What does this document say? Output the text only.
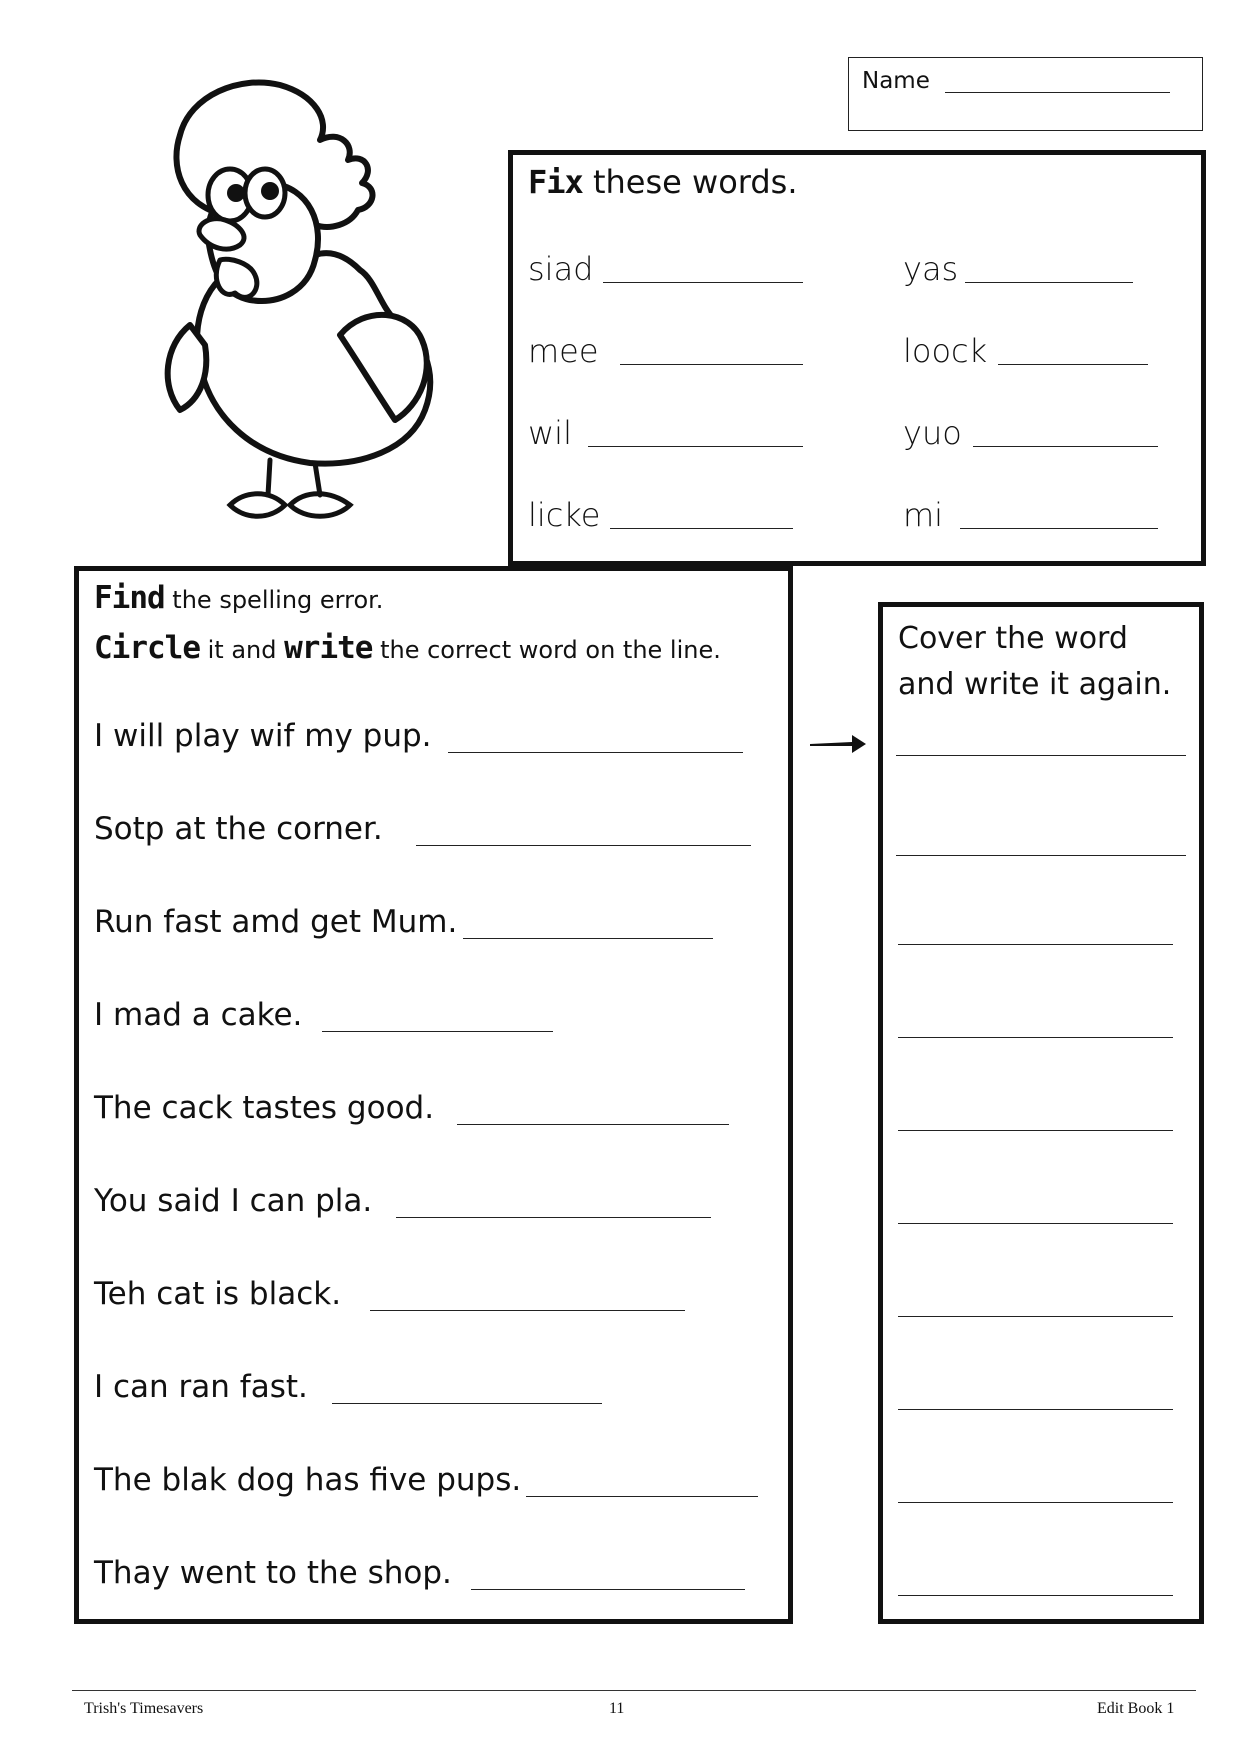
Name
Fix these words.
siad	yas
mee	loock
wil	yuo
licke	mi
Find the spelling error.
Circle it and write the correct word on the line.
I will play wif my pup.
Sotp at the corner.
Run fast amd get Mum.
I mad a cake.
The cack tastes good.
You said I can pla.
Teh cat is black.
I can ran fast.
The blak dog has five pups.
Thay went to the shop.
Cover the word
and write it again.
Trish's Timesavers	11	Edit Book 1
